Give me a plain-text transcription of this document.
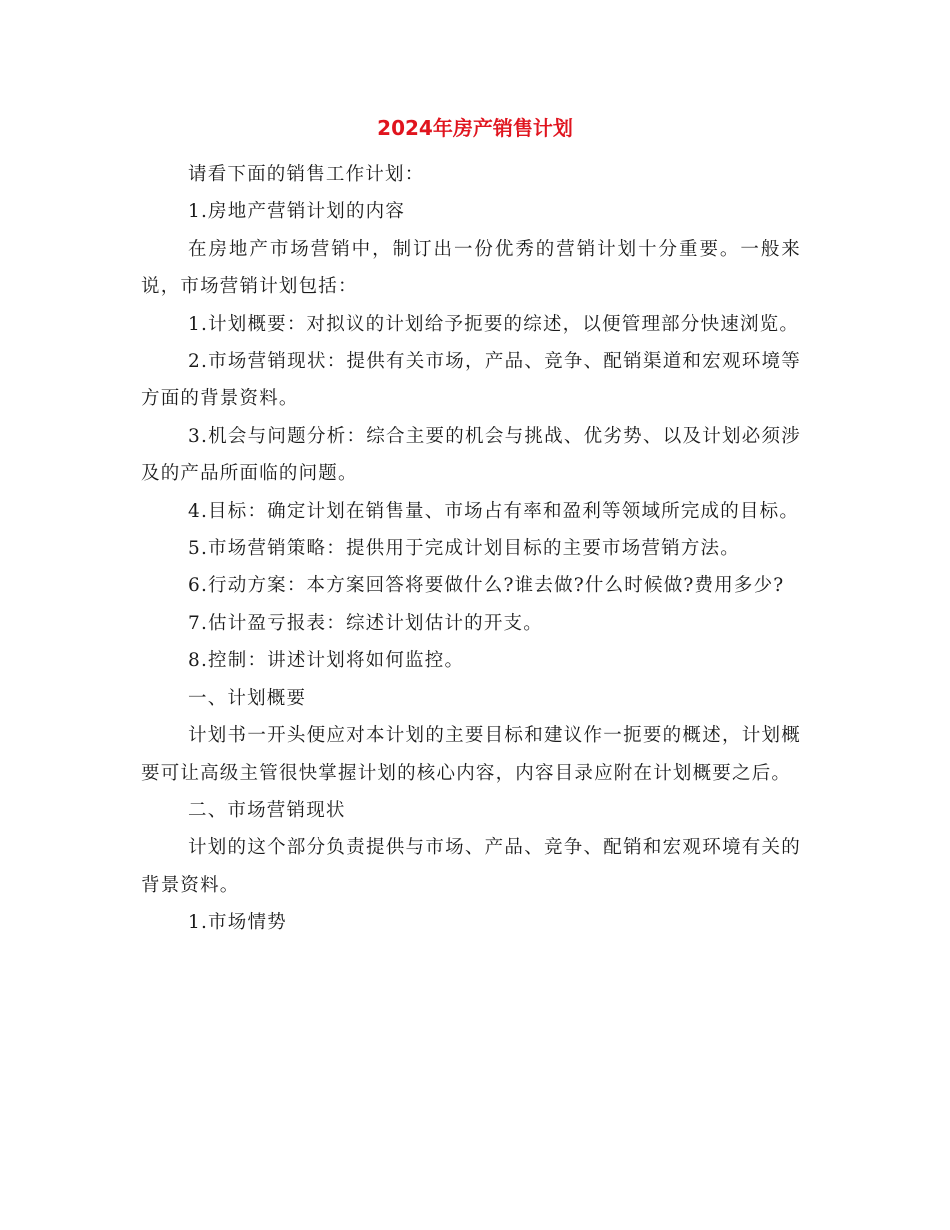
2024年房产销售计划

请看下面的销售工作计划：

1.房地产营销计划的内容

在房地产市场营销中，制订出一份优秀的营销计划十分重要。一般来说，市场营销计划包括：

1.计划概要：对拟议的计划给予扼要的综述，以便管理部分快速浏览。

2.市场营销现状：提供有关市场，产品、竞争、配销渠道和宏观环境等方面的背景资料。

3.机会与问题分析：综合主要的机会与挑战、优劣势、以及计划必须涉及的产品所面临的问题。

4.目标：确定计划在销售量、市场占有率和盈利等领域所完成的目标。

5.市场营销策略：提供用于完成计划目标的主要市场营销方法。

6.行动方案：本方案回答将要做什么?谁去做?什么时候做?费用多少?

7.估计盈亏报表：综述计划估计的开支。

8.控制：讲述计划将如何监控。

一、计划概要

计划书一开头便应对本计划的主要目标和建议作一扼要的概述，计划概要可让高级主管很快掌握计划的核心内容，内容目录应附在计划概要之后。

二、市场营销现状

计划的这个部分负责提供与市场、产品、竞争、配销和宏观环境有关的背景资料。

1.市场情势
